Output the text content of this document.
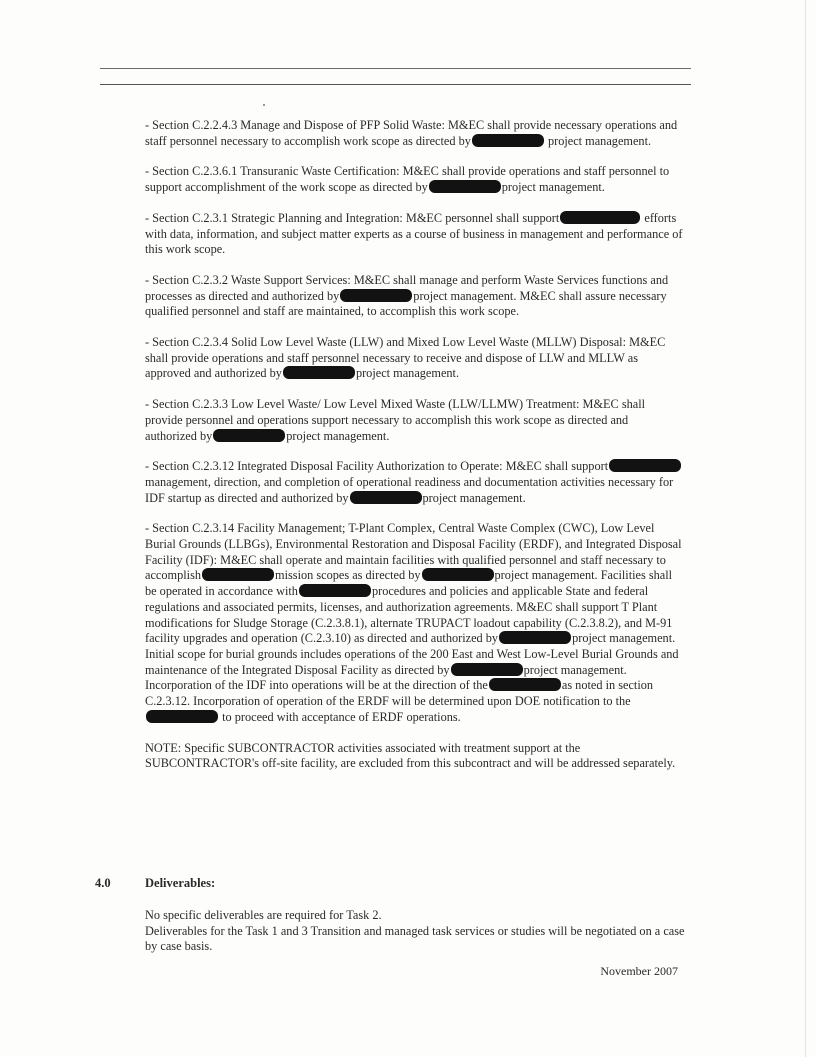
- Section C.2.2.4.3 Manage and Dispose of PFP Solid Waste: M&EC shall provide necessary operations and staff personnel necessary to accomplish work scope as directed by	project management.

- Section C.2.3.6.1 Transuranic Waste Certification: M&EC shall provide operations and staff personnel to support accomplishment of the work scope as directed by	project management.

- Section C.2.3.1 Strategic Planning and Integration: M&EC personnel shall support	efforts with data, information, and subject matter experts as a course of business in management and performance of this work scope.

- Section C.2.3.2 Waste Support Services: M&EC shall manage and perform Waste Services functions and processes as directed and authorized by	project management. M&EC shall assure necessary qualified personnel and staff are maintained, to accomplish this work scope.

- Section C.2.3.4 Solid Low Level Waste (LLW) and Mixed Low Level Waste (MLLW) Disposal: M&EC shall provide operations and staff personnel necessary to receive and dispose of LLW and MLLW as approved and authorized by	project management.

- Section C.2.3.3 Low Level Waste/ Low Level Mixed Waste (LLW/LLMW) Treatment: M&EC shall provide personnel and operations support necessary to accomplish this work scope as directed and authorized by	project management.

- Section C.2.3.12 Integrated Disposal Facility Authorization to Operate: M&EC shall supportmanagement, direction, and completion of operational readiness and documentation activities necessary for IDF startup as directed and authorized by	project management.

- Section C.2.3.14 Facility Management; T-Plant Complex, Central Waste Complex (CWC), Low Level Burial Grounds (LLBGs), Environmental Restoration and Disposal Facility (ERDF), and Integrated Disposal Facility (IDF): M&EC shall operate and maintain facilities with qualified personnel and staff necessary to accomplish	mission scopes as directed by	project management. Facilities shall be operated in accordance with	procedures and policies and applicable State and federal regulations and associated permits, licenses, and authorization agreements. M&EC shall support T Plant modifications for Sludge Storage (C.2.3.8.1), alternate TRUPACT loadout capability (C.2.3.8.2), and M-91 facility upgrades and operation (C.2.3.10) as directed and authorized by	project management. Initial scope for burial grounds includes operations of the 200 East and West Low-Level Burial Grounds and maintenance of the Integrated Disposal Facility as directed by	project management. Incorporation of the IDF into operations will be at the direction of the	as noted in section C.2.3.12. Incorporation of operation of the ERDF will be determined upon DOE notification to the to proceed with acceptance of ERDF operations.

NOTE: Specific SUBCONTRACTOR activities associated with treatment support at the SUBCONTRACTOR's off-site facility, are excluded from this subcontract and will be addressed separately.

4.0	Deliverables:

No specific deliverables are required for Task 2.

Deliverables for the Task 1 and 3 Transition and managed task services or studies will be negotiated on a case by case basis.

November 2007
